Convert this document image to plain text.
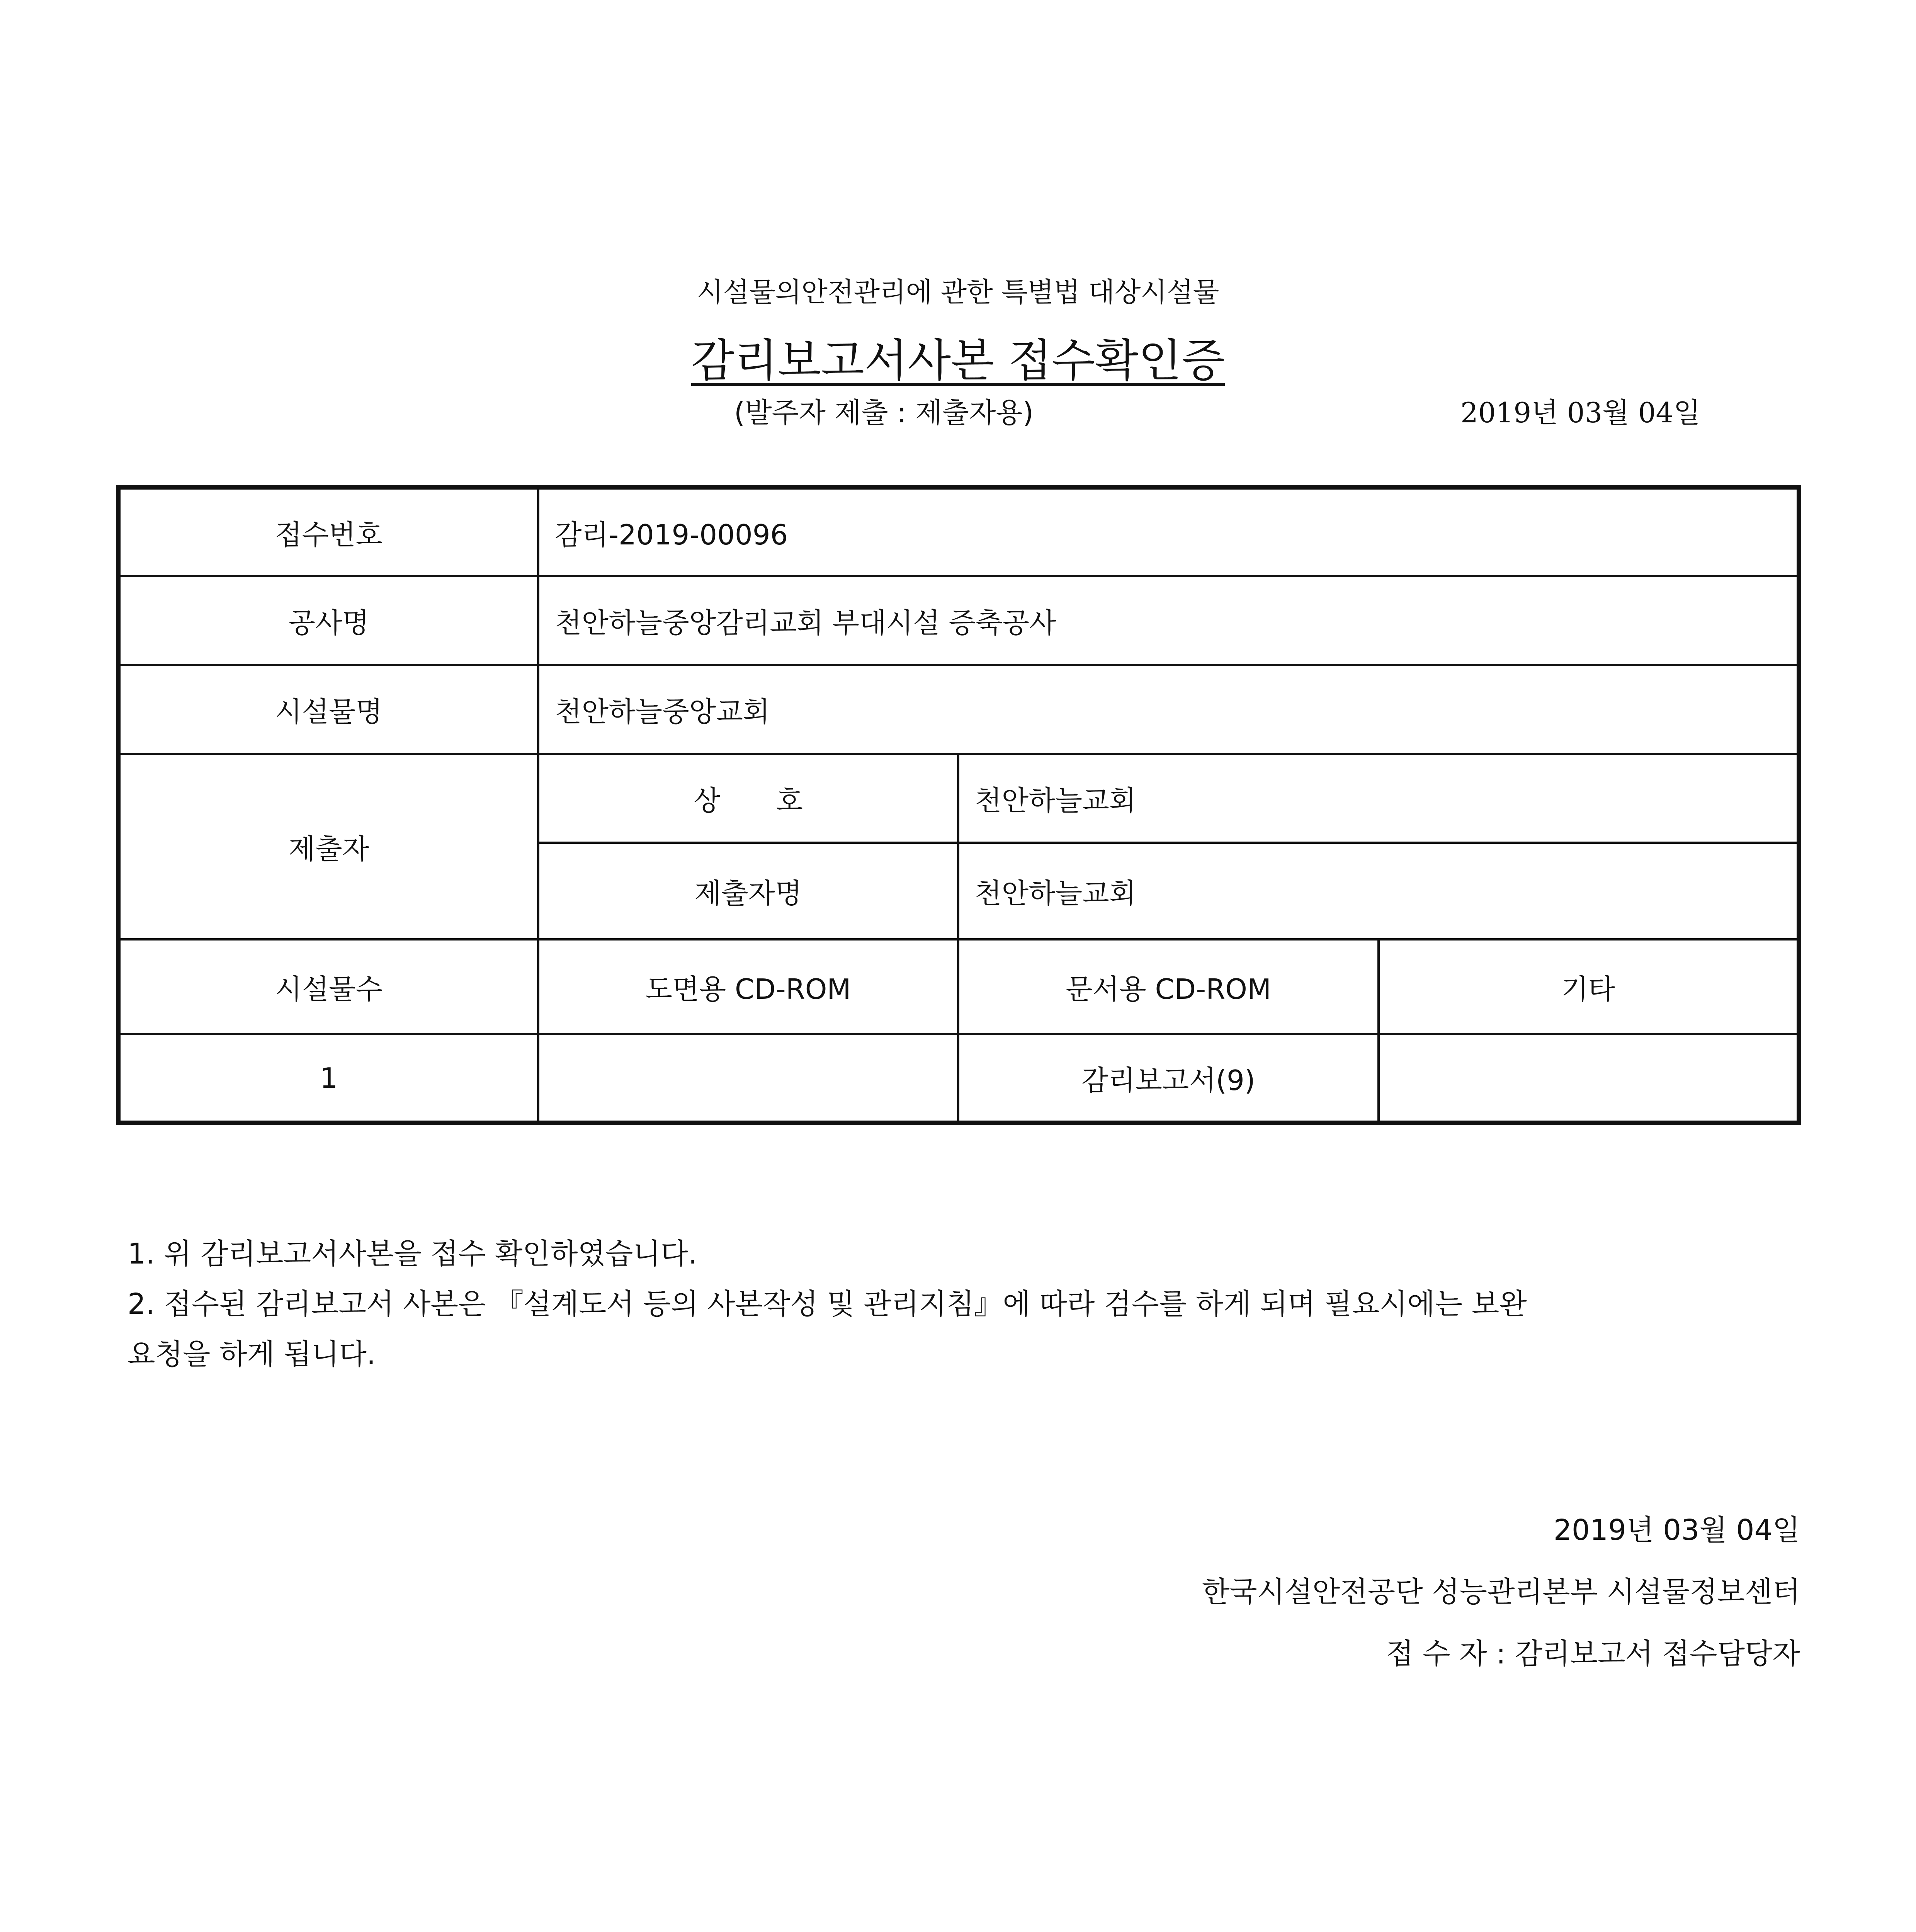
시설물의안전관리에 관한 특별법 대상시설물
감리보고서사본 접수확인증
(발주자 제출 : 제출자용)	2019년 03월 04일
접수번호	감리-2019-00096		
공사명	천안하늘중앙감리교회 부대시설 증축공사		
시설물명	천안하늘중앙교회		
제출자	상　　호	천안하늘교회	
	제출자명	천안하늘교회	
시설물수	도면용 CD-ROM	문서용 CD-ROM	기타
1		감리보고서(9)	
1. 위 감리보고서사본을 접수 확인하였습니다.
2. 접수된 감리보고서 사본은 『설계도서 등의 사본작성 및 관리지침』에 따라 검수를 하게 되며 필요시에는 보완
요청을 하게 됩니다.
2019년 03월 04일
한국시설안전공단 성능관리본부 시설물정보센터
접 수 자 : 감리보고서 접수담당자
